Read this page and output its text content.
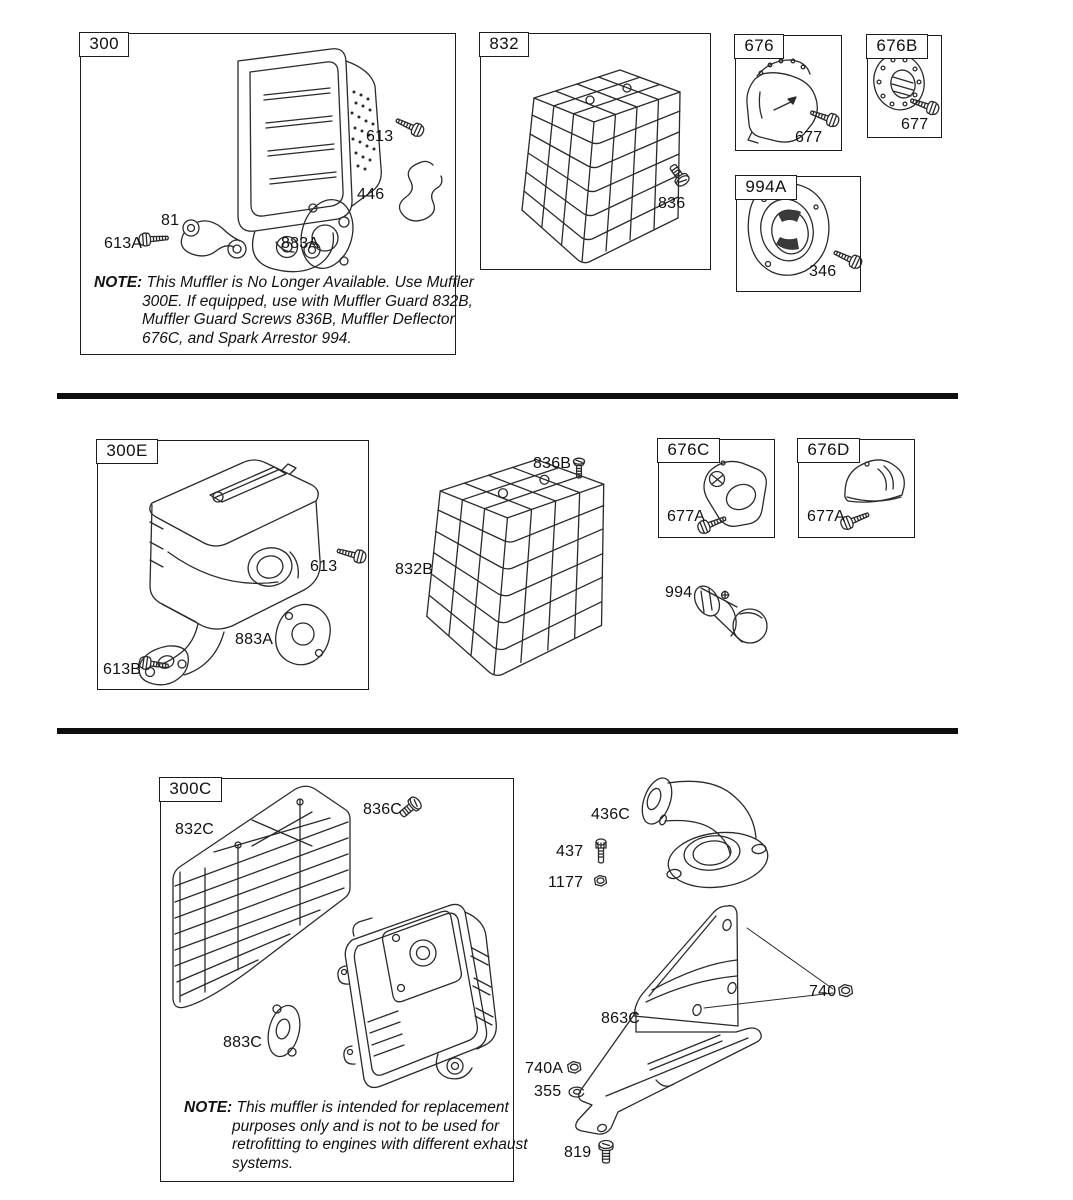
300
613
446
81
613A	883A
NOTE: This Muffler is No Longer Available. Use Muffler 300E. If equipped, use with Muffler Guard 832B, Muffler Guard Screws 836B, Muffler Deflector 676C, and Spark Arrestor 994.
832
836
676
677
676B
677
994A
346
300E
613
883A
613B
836B
832B
994
676C
677A
676D
677A
300C
832C
836C
883C
NOTE: This muffler is intended for replacement purposes only and is not to be used for retrofitting to engines with different exhaust systems.
436C
437
1177
740
863C
740A
355
819
